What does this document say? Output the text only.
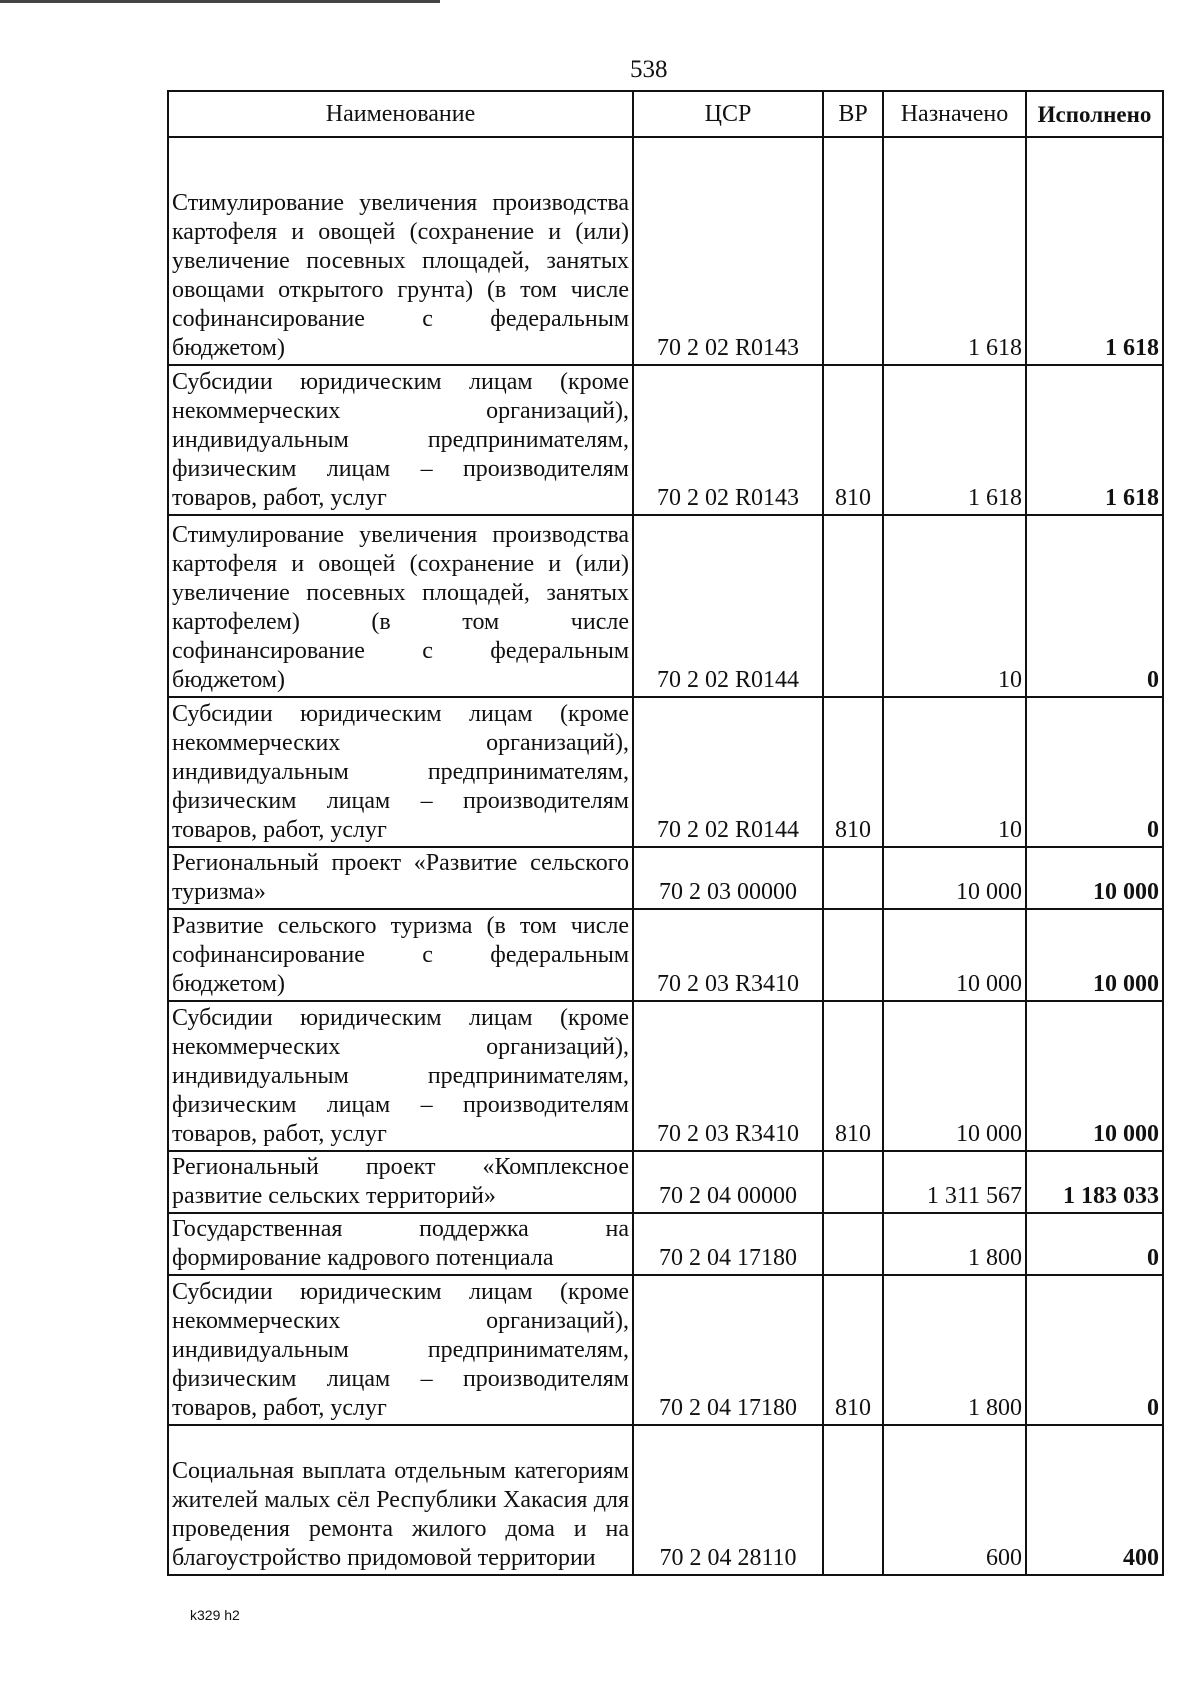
538
Наименование	ЦСР	ВР	Назначено	Исполнено
Стимулирование увеличения производства картофеля и овощей (сохранение и (или) увеличение посевных площадей, занятых овощами открытого грунта) (в том числе софинансирование с федеральным бюджетом)	70 2 02 R0143		1 618	1 618
Субсидии юридическим лицам (кроме некоммерческих организаций), индивидуальным предпринимателям, физическим лицам – производителям товаров, работ, услуг	70 2 02 R0143	810	1 618	1 618
Стимулирование увеличения производства картофеля и овощей (сохранение и (или) увеличение посевных площадей, занятых картофелем) (в том числе софинансирование с федеральным бюджетом)	70 2 02 R0144		10	0
Субсидии юридическим лицам (кроме некоммерческих организаций), индивидуальным предпринимателям, физическим лицам – производителям товаров, работ, услуг	70 2 02 R0144	810	10	0
Региональный проект «Развитие сельского туризма»	70 2 03 00000		10 000	10 000
Развитие сельского туризма (в том числе софинансирование с федеральным бюджетом)	70 2 03 R3410		10 000	10 000
Субсидии юридическим лицам (кроме некоммерческих организаций), индивидуальным предпринимателям, физическим лицам – производителям товаров, работ, услуг	70 2 03 R3410	810	10 000	10 000
Региональный проект «Комплексное развитие сельских территорий»	70 2 04 00000		1 311 567	1 183 033
Государственная поддержка на формирование кадрового потенциала	70 2 04 17180		1 800	0
Субсидии юридическим лицам (кроме некоммерческих организаций), индивидуальным предпринимателям, физическим лицам – производителям товаров, работ, услуг	70 2 04 17180	810	1 800	0
Социальная выплата отдельным категориям жителей малых сёл Республики Хакасия для проведения ремонта жилого дома и на благоустройство придомовой территории	70 2 04 28110		600	400
k329 h2
